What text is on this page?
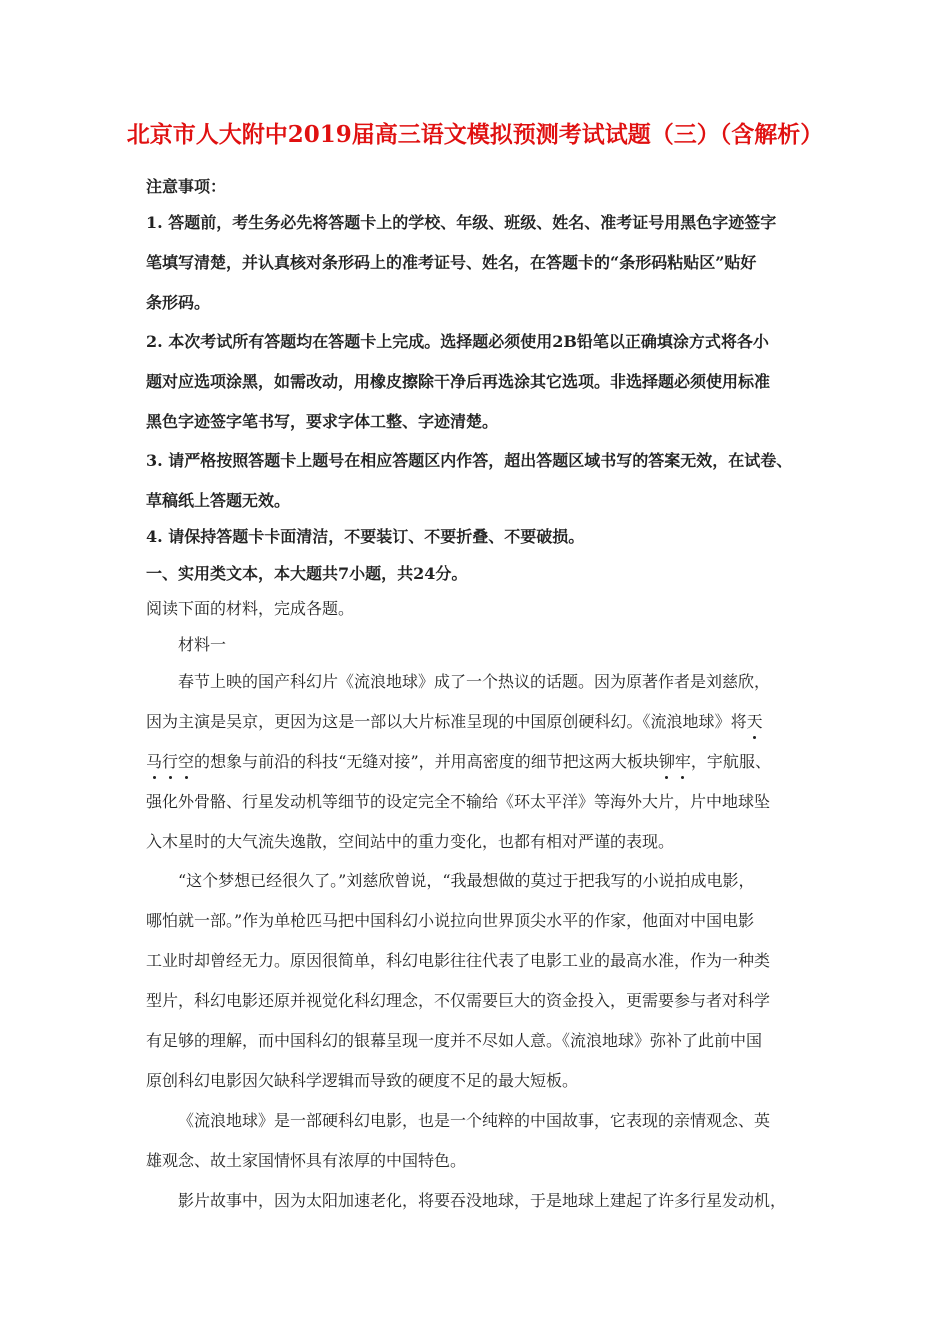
北京市人大附中2019届高三语文模拟预测考试试题（三）（含解析）
注意事项：
1. 答题前，考生务必先将答题卡上的学校、年级、班级、姓名、准考证号用黑色字迹签字
笔填写清楚，并认真核对条形码上的准考证号、姓名，在答题卡的“条形码粘贴区”贴好
条形码。
2. 本次考试所有答题均在答题卡上完成。选择题必须使用2B铅笔以正确填涂方式将各小
题对应选项涂黑，如需改动，用橡皮擦除干净后再选涂其它选项。非选择题必须使用标准
黑色字迹签字笔书写，要求字体工整、字迹清楚。
3. 请严格按照答题卡上题号在相应答题区内作答，超出答题区域书写的答案无效，在试卷、
草稿纸上答题无效。
4. 请保持答题卡卡面清洁，不要装订、不要折叠、不要破损。
一、实用类文本，本大题共7小题，共24分。
阅读下面的材料，完成各题。
材料一
春节上映的国产科幻片《流浪地球》成了一个热议的话题。因为原著作者是刘慈欣，
因为主演是吴京，更因为这是一部以大片标准呈现的中国原创硬科幻。《流浪地球》将天
马行空的想象与前沿的科技“无缝对接”，并用高密度的细节把这两大板块铆牢，宇航服、
强化外骨骼、行星发动机等细节的设定完全不输给《环太平洋》等海外大片，片中地球坠
入木星时的大气流失逸散，空间站中的重力变化，也都有相对严谨的表现。
“这个梦想已经很久了。”刘慈欣曾说，“我最想做的莫过于把我写的小说拍成电影，
哪怕就一部。”作为单枪匹马把中国科幻小说拉向世界顶尖水平的作家，他面对中国电影
工业时却曾经无力。原因很简单，科幻电影往往代表了电影工业的最高水准，作为一种类
型片，科幻电影还原并视觉化科幻理念，不仅需要巨大的资金投入，更需要参与者对科学
有足够的理解，而中国科幻的银幕呈现一度并不尽如人意。《流浪地球》弥补了此前中国
原创科幻电影因欠缺科学逻辑而导致的硬度不足的最大短板。
《流浪地球》是一部硬科幻电影，也是一个纯粹的中国故事，它表现的亲情观念、英
雄观念、故土家国情怀具有浓厚的中国特色。
影片故事中，因为太阳加速老化，将要吞没地球，于是地球上建起了许多行星发动机，
